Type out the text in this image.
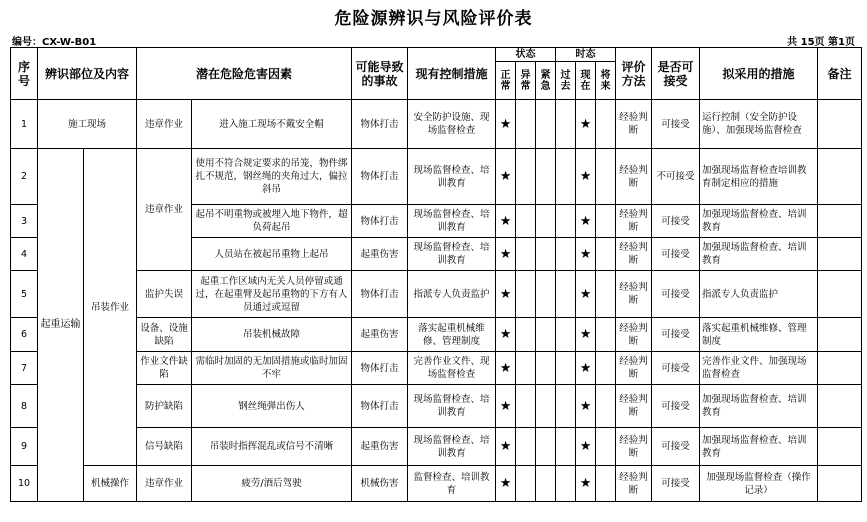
危险源辨识与风险评价表
编号：CX-W-B01	共 15页 第1页
序号	辨识部位及内容		潜在危险危害因素		可能导致的事故	现有控制措施	状态			时态			评价方法	是否可接受	拟采用的措施	备注
							正常	异常	紧急	过去	现在	将来				
1	施工现场		违章作业	进入施工现场不戴安全帽	物体打击	安全防护设施、现场监督检查	★				★		经验判断	可接受	运行控制（安全防护设施）、加强现场监督检查	
2	起重运输	吊装作业	违章作业	使用不符合规定要求的吊笼，物件绑扎不规范，钢丝绳的夹角过大，偏拉斜吊	物体打击	现场监督检查、培训教育	★				★		经验判断	不可接受	加强现场监督检查培训教育制定相应的措施	
3				起吊不明重物或被埋入地下物件，超负荷起吊	物体打击	现场监督检查、培训教育	★				★		经验判断	可接受	加强现场监督检查、培训教育	
4				人员站在被起吊重物上起吊	起重伤害	现场监督检查、培训教育	★				★		经验判断	可接受	加强现场监督检查、培训教育	
5			监护失误	起重工作区域内无关人员停留或通过，在起重臂及起吊重物的下方有人员通过或逗留	物体打击	指派专人负责监护	★				★		经验判断	可接受	指派专人负责监护	
6			设备、设施缺陷	吊装机械故障	起重伤害	落实起重机械维修、管理制度	★				★		经验判断	可接受	落实起重机械维修、管理制度	
7			作业文件缺陷	需临时加固的无加固措施或临时加固不牢	物体打击	完善作业文件、现场监督检查	★				★		经验判断	可接受	完善作业文件、加强现场监督检查	
8			防护缺陷	钢丝绳弹出伤人	物体打击	现场监督检查、培训教育	★				★		经验判断	可接受	加强现场监督检查、培训教育	
9			信号缺陷	吊装时指挥混乱或信号不清晰	起重伤害	现场监督检查、培训教育	★				★		经验判断	可接受	加强现场监督检查、培训教育	
10		机械操作	违章作业	疲劳/酒后驾驶	机械伤害	监督检查、培训教育	★				★		经验判断	可接受	加强现场监督检查（操作记录）	
